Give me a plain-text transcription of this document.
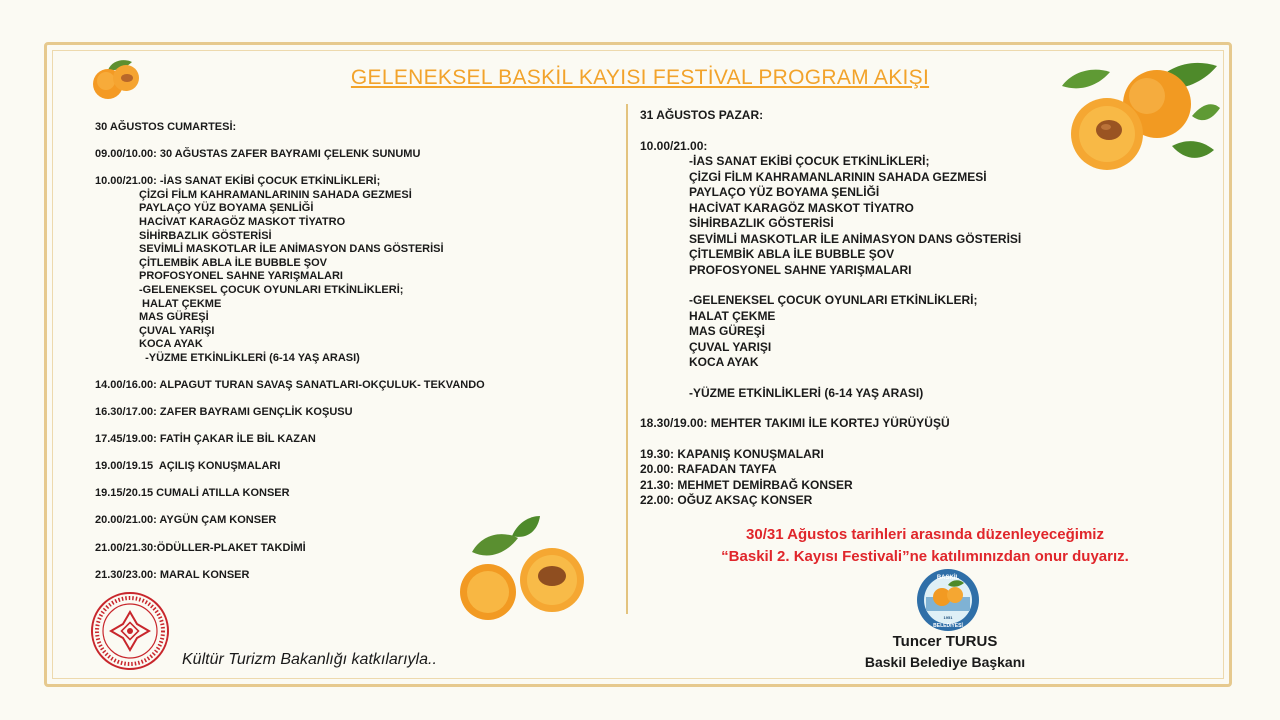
GELENEKSEL BASKİL KAYISI FESTİVAL PROGRAM AKIŞI
30 AĞUSTOS CUMARTESİ:
09.00/10.00: 30 AĞUSTAS ZAFER BAYRAMI ÇELENK SUNUMU
10.00/21.00: -İAS SANAT EKİBİ ÇOCUK ETKİNLİKLERİ;
ÇİZGİ FİLM KAHRAMANLARININ SAHADA GEZMESİ
PAYLAÇO YÜZ BOYAMA ŞENLİĞİ
HACİVAT KARAGÖZ MASKOT TİYATRO
SİHİRBAZLIK GÖSTERİSİ
SEVİMLİ MASKOTLAR İLE ANİMASYON DANS GÖSTERİSİ
ÇİTLEMBİK ABLA İLE BUBBLE ŞOV
PROFOSYONEL SAHNE YARIŞMALARI
-GELENEKSEL ÇOCUK OYUNLARI ETKİNLİKLERİ;
HALAT ÇEKME
MAS GÜREŞİ
ÇUVAL YARIŞI
KOCA AYAK
-YÜZME ETKİNLİKLERİ (6-14 YAŞ ARASI)
14.00/16.00: ALPAGUT TURAN SAVAŞ SANATLARI-OKÇULUK- TEKVANDO
16.30/17.00: ZAFER BAYRAMI GENÇLİK KOŞUSU
17.45/19.00: FATİH ÇAKAR İLE BİL KAZAN
19.00/19.15  AÇILIŞ KONUŞMALARI
19.15/20.15 CUMALİ ATILLA KONSER
20.00/21.00: AYGÜN ÇAM KONSER
21.00/21.30:ÖDÜLLER-PLAKET TAKDİMİ
21.30/23.00: MARAL KONSER
31 AĞUSTOS PAZAR:
10.00/21.00:
-İAS SANAT EKİBİ ÇOCUK ETKİNLİKLERİ;
ÇİZGİ FİLM KAHRAMANLARININ SAHADA GEZMESİ
PAYLAÇO YÜZ BOYAMA ŞENLİĞİ
HACİVAT KARAGÖZ MASKOT TİYATRO
SİHİRBAZLIK GÖSTERİSİ
SEVİMLİ MASKOTLAR İLE ANİMASYON DANS GÖSTERİSİ
ÇİTLEMBİK ABLA İLE BUBBLE ŞOV
PROFOSYONEL SAHNE YARIŞMALARI
-GELENEKSEL ÇOCUK OYUNLARI ETKİNLİKLERİ;
HALAT ÇEKME
MAS GÜREŞİ
ÇUVAL YARIŞI
KOCA AYAK
-YÜZME ETKİNLİKLERİ (6-14 YAŞ ARASI)
18.30/19.00: MEHTER TAKIMI İLE KORTEJ YÜRÜYÜŞÜ
19.30: KAPANIŞ KONUŞMALARI
20.00: RAFADAN TAYFA
21.30: MEHMET DEMİRBAĞ KONSER
22.00: OĞUZ AKSAÇ KONSER
30/31 Ağustos tarihleri arasında düzenleyeceğimiz
“Baskil 2. Kayısı Festivali”ne katılımınızdan onur duyarız.
Kültür Turizm Bakanlığı katkılarıyla..
BASKİL
BELEDİYESİ
1951
Tuncer TURUS
Baskil Belediye Başkanı
